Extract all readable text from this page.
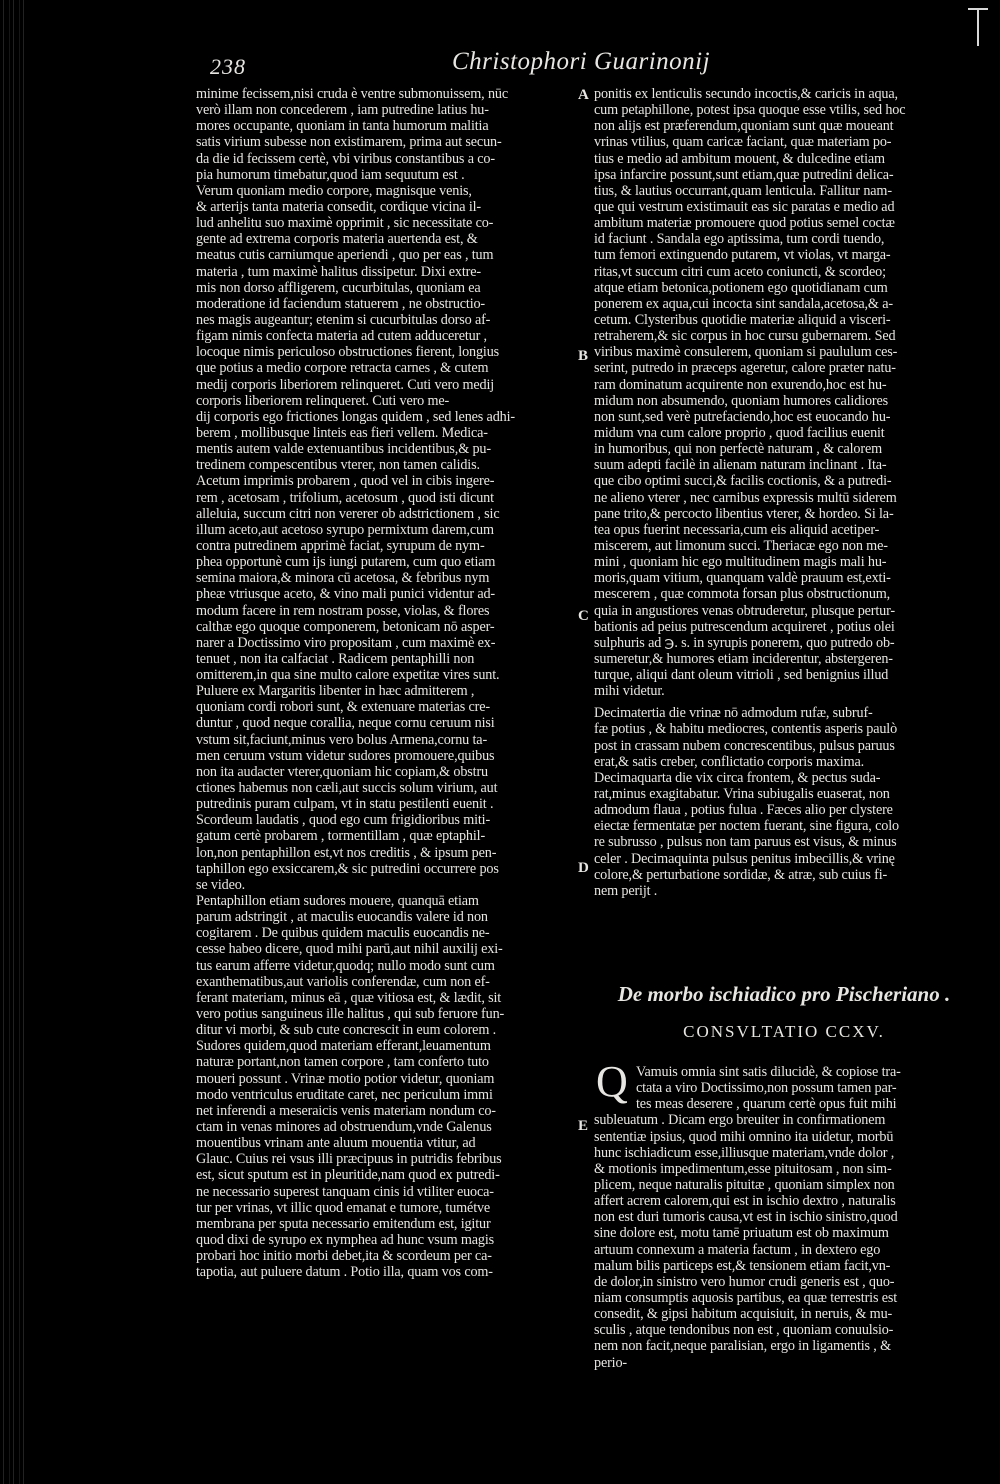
238	Christophori Guarinonij
minime fecissem,nisi cruda è ventre submonuissem, nūc
verò illam non concederem , iam putredine latius hu-
mores occupante, quoniam in tanta humorum malitia
satis virium subesse non existimarem, prima aut secun-
da die id fecissem certè, vbi viribus constantibus a co-
pia humorum timebatur,quod iam sequutum est .
Verum quoniam medio corpore, magnisque venis,
& arterijs tanta materia consedit, cordique vicina il-
lud anhelitu suo maximè opprimit , sic necessitate co-
gente ad extrema corporis materia auertenda est, &
meatus cutis carniumque aperiendi , quo per eas , tum
materia , tum maximè halitus dissipetur. Dixi extre-
mis non dorso affligerem, cucurbitulas, quoniam ea
moderatione id faciendum statuerem , ne obstructio-
nes magis augeantur; etenim si cucurbitulas dorso af-
figam nimis confecta materia ad cutem adduceretur ,
locoque nimis periculoso obstructiones fierent, longius
que potius a medio corpore retracta carnes , & cutem
medij corporis liberiorem relinqueret. Cuti vero medij
corporis liberiorem relinqueret. Cuti vero me-
dij corporis ego frictiones longas quidem , sed lenes adhi-
berem , mollibusque linteis eas fieri vellem. Medica-
mentis autem valde extenuantibus incidentibus,& pu-
tredinem compescentibus vterer, non tamen calidis.
Acetum imprimis probarem , quod vel in cibis ingere-
rem , acetosam , trifolium, acetosum , quod isti dicunt
alleluia, succum citri non vererer ob adstrictionem , sic
illum aceto,aut acetoso syrupo permixtum darem,cum
contra putredinem apprimè faciat, syrupum de nym-
phea opportunè cum ijs iungi putarem, cum quo etiam
semina maiora,& minora cū acetosa, & febribus nym
pheæ vtriusque aceto, & vino mali punici videntur ad-
modum facere in rem nostram posse, violas, & flores
calthæ ego quoque componerem, betonicam nō asper-
narer a Doctissimo viro propositam , cum maximè ex-
tenuet , non ita calfaciat . Radicem pentaphilli non
omitterem,in qua sine multo calore expetitæ vires sunt.
Puluere ex Margaritis libenter in hæc admitterem ,
quoniam cordi robori sunt, & extenuare materias cre-
duntur , quod neque corallia, neque cornu ceruum nisi
vstum sit,faciunt,minus vero bolus Armena,cornu ta-
men ceruum vstum videtur sudores promouere,quibus
non ita audacter vterer,quoniam hic copiam,& obstru
ctiones habemus non cæli,aut succis solum virium, aut
putredinis puram culpam, vt in statu pestilenti euenit .
Scordeum laudatis , quod ego cum frigidioribus miti-
gatum certè probarem , tormentillam , quæ eptaphil-
lon,non pentaphillon est,vt nos creditis , & ipsum pen-
taphillon ego exsiccarem,& sic putredini occurrere pos
se video.
Pentaphillon etiam sudores mouere, quanquā etiam
parum adstringit , at maculis euocandis valere id non
cogitarem . De quibus quidem maculis euocandis ne-
cesse habeo dicere, quod mihi parū,aut nihil auxilij exi-
tus earum afferre videtur,quodq; nullo modo sunt cum
exanthematibus,aut variolis conferendæ, cum non ef-
ferant materiam, minus eā , quæ vitiosa est, & lædit, sit
vero potius sanguineus ille halitus , qui sub feruore fun-
ditur vi morbi, & sub cute concrescit in eum colorem .
Sudores quidem,quod materiam efferant,leuamentum
naturæ portant,non tamen corpore , tam conferto tuto
moueri possunt . Vrinæ motio potior videtur, quoniam
modo ventriculus eruditate caret, nec periculum immi
net inferendi a meseraicis venis materiam nondum co-
ctam in venas minores ad obstruendum,vnde Galenus
mouentibus vrinam ante aluum mouentia vtitur, ad
Glauc. Cuius rei vsus illi præcipuus in putridis febribus
est, sicut sputum est in pleuritide,nam quod ex putredi-
ne necessario superest tanquam cinis id vtiliter euoca-
tur per vrinas, vt illic quod emanat e tumore, tumétve
membrana per sputa necessario emitendum est, igitur
quod dixi de syrupo ex nymphea ad hunc vsum magis
probari hoc initio morbi debet,ita & scordeum per ca-
tapotia, aut puluere datum . Potio illa, quam vos com-
ponitis ex lenticulis secundo incoctis,& caricis in aqua,
cum petaphillone, potest ipsa quoque esse vtilis, sed hoc
non alijs est præferendum,quoniam sunt quæ moueant
vrinas vtilius, quam caricæ faciant, quæ materiam po-
tius e medio ad ambitum mouent, & dulcedine etiam
ipsa infarcire possunt,sunt etiam,quæ putredini delica-
tius, & lautius occurrant,quam lenticula. Fallitur nam-
que qui vestrum existimauit eas sic paratas e medio ad
ambitum materiæ promouere quod potius semel coctæ
id faciunt . Sandala ego aptissima, tum cordi tuendo,
tum femori extinguendo putarem, vt violas, vt marga-
ritas,vt succum citri cum aceto coniuncti, & scordeo;
atque etiam betonica,potionem ego quotidianam cum
ponerem ex aqua,cui incocta sint sandala,acetosa,& a-
cetum. Clysteribus quotidie materiæ aliquid a visceri-
retraherem,& sic corpus in hoc cursu gubernarem. Sed
viribus maximè consulerem, quoniam si paululum ces-
serint, putredo in præceps ageretur, calore præter natu-
ram dominatum acquirente non exurendo,hoc est hu-
midum non absumendo, quoniam humores calidiores
non sunt,sed verè putrefaciendo,hoc est euocando hu-
midum vna cum calore proprio , quod facilius euenit
in humoribus, qui non perfectè naturam , & calorem
suum adepti facilè in alienam naturam inclinant . Ita-
que cibo optimi succi,& facilis coctionis, & a putredi-
ne alieno vterer , nec carnibus expressis multū siderem
pane trito,& percocto libentius vterer, & hordeo. Si la-
tea opus fuerint necessaria,cum eis aliquid acetiper-
miscerem, aut limonum succi. Theriacæ ego non me-
mini , quoniam hic ego multitudinem magis mali hu-
moris,quam vitium, quanquam valdè prauum est,exti-
mescerem , quæ commota forsan plus obstructionum,
quia in angustiores venas obtruderetur, plusque pertur-
bationis ad peius putrescendum acquireret , potius olei
sulphuris ad ℈. s. in syrupis ponerem, quo putredo ob-
sumeretur,& humores etiam inciderentur, abstergeren-
turque, aliqui dant oleum vitrioli , sed benignius illud
mihi videtur.
Decimatertia die vrinæ nō admodum rufæ, subruf-
fæ potius , & habitu mediocres, contentis asperis paulò
post in crassam nubem concrescentibus, pulsus paruus
erat,& satis creber, conflictatio corporis maxima.
Decimaquarta die vix circa frontem, & pectus suda-
rat,minus exagitabatur. Vrina subiugalis euaserat, non
admodum flaua , potius fulua . Fæces alio per clystere
eiectæ fermentatæ per noctem fuerant, sine figura, colo
re subrusso , pulsus non tam paruus est visus, & minus
celer . Decimaquinta pulsus penitus imbecillis,& vrinę
colore,& perturbatione sordidæ, & atræ, sub cuius fi-
nem perijt .
A
B
C
D
E
De morbo ischiadico pro Pischeriano .
CONSVLTATIO CCXV.
Q Vamuis omnia sint satis dilucidè, & copiose tra-
ctata a viro Doctissimo,non possum tamen par-
tes meas deserere , quarum certè opus fuit mihi
subleuatum . Dicam ergo breuiter in confirmationem
sententiæ ipsius, quod mihi omnino ita uidetur, morbū
hunc ischiadicum esse,illiusque materiam,vnde dolor ,
& motionis impedimentum,esse pituitosam , non sim-
plicem, neque naturalis pituitæ , quoniam simplex non
affert acrem calorem,qui est in ischio dextro , naturalis
non est duri tumoris causa,vt est in ischio sinistro,quod
sine dolore est, motu tamē priuatum est ob maximum
artuum connexum a materia factum , in dextero ego
malum bilis particeps est,& tensionem etiam facit,vn-
de dolor,in sinistro vero humor crudi generis est , quo-
niam consumptis aquosis partibus, ea quæ terrestris est
consedit, & gipsi habitum acquisiuit, in neruis, & mu-
sculis , atque tendonibus non est , quoniam conuulsio-
nem non facit,neque paralisian, ergo in ligamentis , &
perio-
